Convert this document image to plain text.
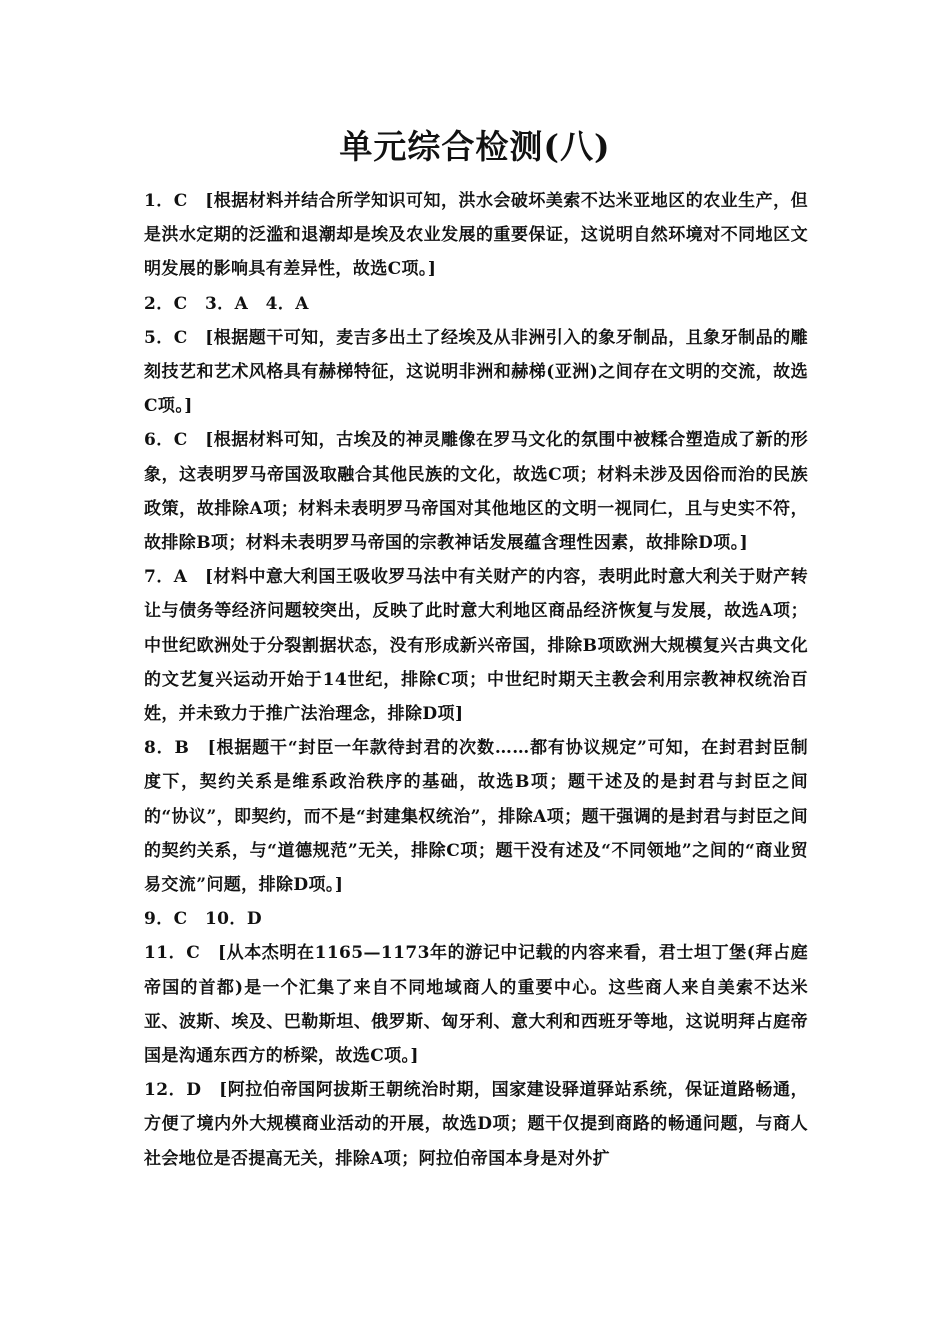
单元综合检测(八)

1．C　[根据材料并结合所学知识可知，洪水会破坏美索不达米亚地区的农业生产，但是洪水定期的泛滥和退潮却是埃及农业发展的重要保证，这说明自然环境对不同地区文明发展的影响具有差异性，故选C项。]

2．C　3．A　4．A

5．C　[根据题干可知，麦吉多出土了经埃及从非洲引入的象牙制品，且象牙制品的雕刻技艺和艺术风格具有赫梯特征，这说明非洲和赫梯(亚洲)之间存在文明的交流，故选C项。]

6．C　[根据材料可知，古埃及的神灵雕像在罗马文化的氛围中被糅合塑造成了新的形象，这表明罗马帝国汲取融合其他民族的文化，故选C项；材料未涉及因俗而治的民族政策，故排除A项；材料未表明罗马帝国对其他地区的文明一视同仁，且与史实不符，故排除B项；材料未表明罗马帝国的宗教神话发展蕴含理性因素，故排除D项。]

7．A　[材料中意大利国王吸收罗马法中有关财产的内容，表明此时意大利关于财产转让与债务等经济问题较突出，反映了此时意大利地区商品经济恢复与发展，故选A项；中世纪欧洲处于分裂割据状态，没有形成新兴帝国，排除B项欧洲大规模复兴古典文化的文艺复兴运动开始于14世纪，排除C项；中世纪时期天主教会利用宗教神权统治百姓，并未致力于推广法治理念，排除D项]

8．B　[根据题干“封臣一年款待封君的次数……都有协议规定”可知，在封君封臣制度下，契约关系是维系政治秩序的基础，故选B项；题干述及的是封君与封臣之间的“协议”，即契约，而不是“封建集权统治”，排除A项；题干强调的是封君与封臣之间的契约关系，与“道德规范”无关，排除C项；题干没有述及“不同领地”之间的“商业贸易交流”问题，排除D项。]

9．C　10．D

11．C　[从本杰明在1165—1173年的游记中记载的内容来看，君士坦丁堡(拜占庭帝国的首都)是一个汇集了来自不同地域商人的重要中心。这些商人来自美索不达米亚、波斯、埃及、巴勒斯坦、俄罗斯、匈牙利、意大利和西班牙等地，这说明拜占庭帝国是沟通东西方的桥梁，故选C项。]

12．D　[阿拉伯帝国阿拔斯王朝统治时期，国家建设驿道驿站系统，保证道路畅通，方便了境内外大规模商业活动的开展，故选D项；题干仅提到商路的畅通问题，与商人社会地位是否提高无关，排除A项；阿拉伯帝国本身是对外扩
